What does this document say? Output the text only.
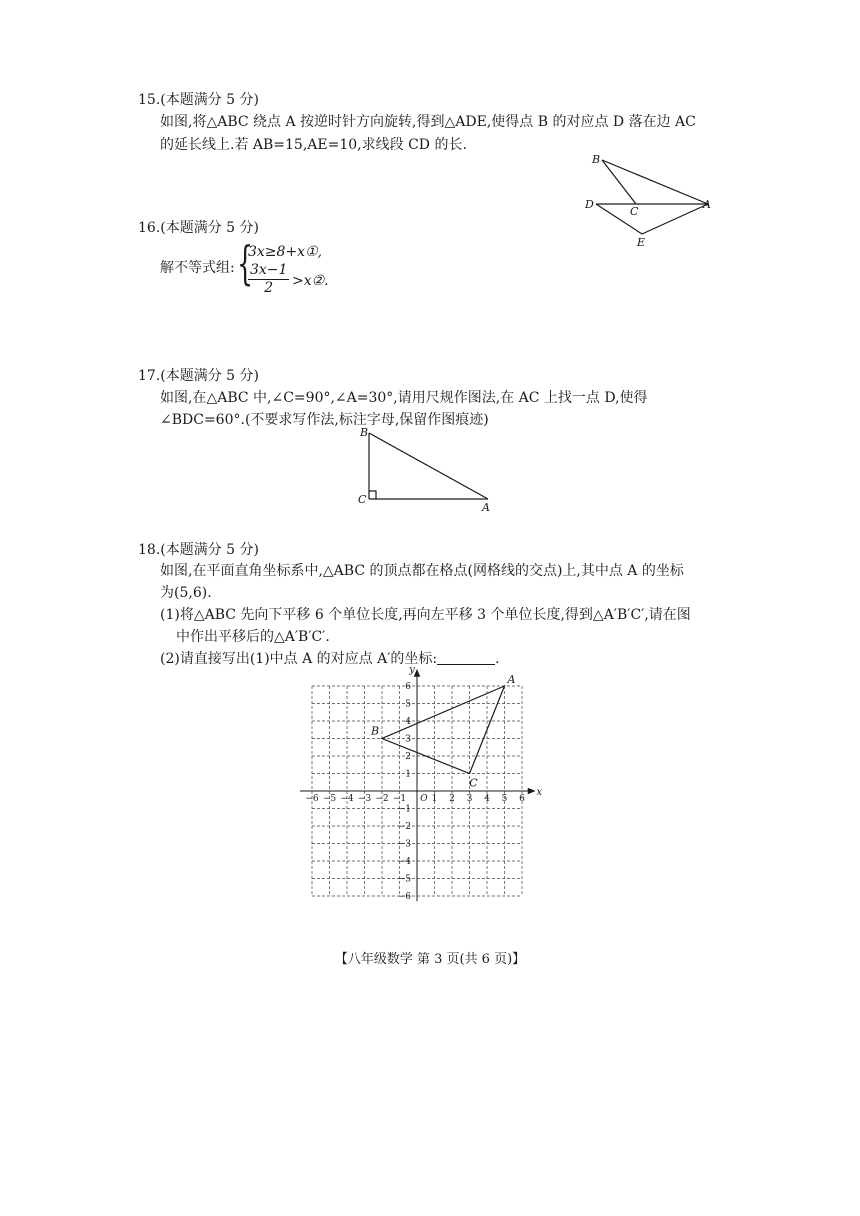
15.(本题满分 5 分)
如图,将△ABC 绕点 A 按逆时针方向旋转,得到△ADE,使得点 B 的对应点 D 落在边 AC
的延长线上.若 AB=15,AE=10,求线段 CD 的长.
B
D
C
A
E
16.(本题满分 5 分)
解不等式组: {
3x≥8+x①,
$\frac{3x-1}{2}$ >x②.
17.(本题满分 5 分)
如图,在△ABC 中,∠C=90°,∠A=30°,请用尺规作图法,在 AC 上找一点 D,使得
∠BDC=60°.(不要求写作法,标注字母,保留作图痕迹)
B
C
A
18.(本题满分 5 分)
如图,在平面直角坐标系中,△ABC 的顶点都在格点(网格线的交点)上,其中点 A 的坐标
为(5,6).
(1)将△ABC 先向下平移 6 个单位长度,再向左平移 3 个单位长度,得到△A′B′C′,请在图
中作出平移后的△A′B′C′.
(2)请直接写出(1)中点 A 的对应点 A′的坐标:	.
−6 −5 −4 −3 −2 −1	1 2 3 4 5 6
6
5
4
3
2
1
−1
−2
−3
−4
−5
−6
O
x
y
A
B
C
【八年级数学 第 3 页(共 6 页)】
